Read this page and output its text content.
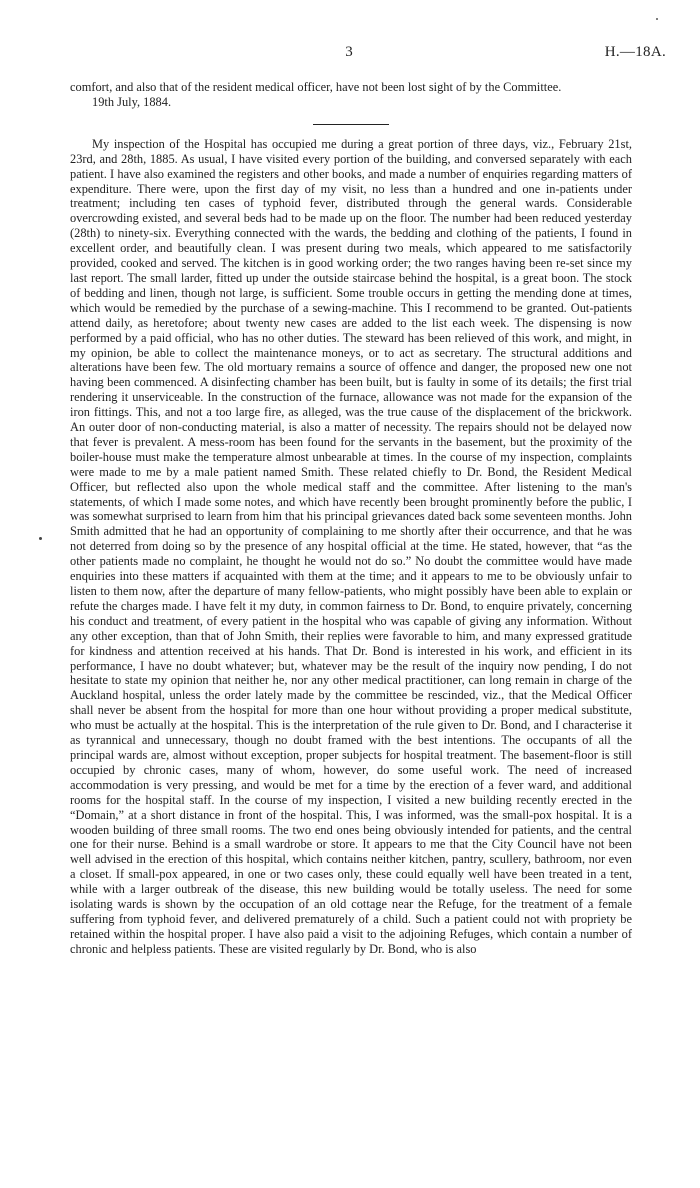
3	H.—18A.

comfort, and also that of the resident medical officer, have not been lost sight of by the Committee.

19th July, 1884.

My inspection of the Hospital has occupied me during a great portion of three days, viz., February 21st, 23rd, and 28th, 1885. As usual, I have visited every portion of the building, and conversed separately with each patient. I have also examined the registers and other books, and made a number of enquiries regarding matters of expenditure. There were, upon the first day of my visit, no less than a hundred and one in-patients under treatment; including ten cases of typhoid fever, distributed through the general wards. Considerable overcrowding existed, and several beds had to be made up on the floor. The number had been reduced yesterday (28th) to ninety-six. Everything connected with the wards, the bedding and clothing of the patients, I found in excellent order, and beautifully clean. I was present during two meals, which appeared to me satisfactorily provided, cooked and served. The kitchen is in good working order; the two ranges having been re-set since my last report. The small larder, fitted up under the outside staircase behind the hospital, is a great boon. The stock of bedding and linen, though not large, is sufficient. Some trouble occurs in getting the mending done at times, which would be remedied by the purchase of a sewing-machine. This I recommend to be granted. Out-patients attend daily, as heretofore; about twenty new cases are added to the list each week. The dispensing is now performed by a paid official, who has no other duties. The steward has been relieved of this work, and might, in my opinion, be able to collect the maintenance moneys, or to act as secretary. The structural additions and alterations have been few. The old mortuary remains a source of offence and danger, the proposed new one not having been commenced. A disinfecting chamber has been built, but is faulty in some of its details; the first trial rendering it unserviceable. In the construction of the furnace, allowance was not made for the expansion of the iron fittings. This, and not a too large fire, as alleged, was the true cause of the displacement of the brickwork. An outer door of non-conducting material, is also a matter of necessity. The repairs should not be delayed now that fever is prevalent. A mess-room has been found for the servants in the basement, but the proximity of the boiler-house must make the temperature almost unbearable at times. In the course of my inspection, complaints were made to me by a male patient named Smith. These related chiefly to Dr. Bond, the Resident Medical Officer, but reflected also upon the whole medical staff and the committee. After listening to the man's statements, of which I made some notes, and which have recently been brought prominently before the public, I was somewhat surprised to learn from him that his principal grievances dated back some seventeen months. John Smith admitted that he had an opportunity of complaining to me shortly after their occurrence, and that he was not deterred from doing so by the presence of any hospital official at the time. He stated, however, that “as the other patients made no complaint, he thought he would not do so.” No doubt the committee would have made enquiries into these matters if acquainted with them at the time; and it appears to me to be obviously unfair to listen to them now, after the departure of many fellow-patients, who might possibly have been able to explain or refute the charges made. I have felt it my duty, in common fairness to Dr. Bond, to enquire privately, concerning his conduct and treatment, of every patient in the hospital who was capable of giving any information. Without any other exception, than that of John Smith, their replies were favorable to him, and many expressed gratitude for kindness and attention received at his hands. That Dr. Bond is interested in his work, and efficient in its performance, I have no doubt whatever; but, whatever may be the result of the inquiry now pending, I do not hesitate to state my opinion that neither he, nor any other medical practitioner, can long remain in charge of the Auckland hospital, unless the order lately made by the committee be rescinded, viz., that the Medical Officer shall never be absent from the hospital for more than one hour without providing a proper medical substitute, who must be actually at the hospital. This is the interpretation of the rule given to Dr. Bond, and I characterise it as tyrannical and unnecessary, though no doubt framed with the best intentions. The occupants of all the principal wards are, almost without exception, proper subjects for hospital treatment. The basement-floor is still occupied by chronic cases, many of whom, however, do some useful work. The need of increased accommodation is very pressing, and would be met for a time by the erection of a fever ward, and additional rooms for the hospital staff. In the course of my inspection, I visited a new building recently erected in the “Domain,” at a short distance in front of the hospital. This, I was informed, was the small-pox hospital. It is a wooden building of three small rooms. The two end ones being obviously intended for patients, and the central one for their nurse. Behind is a small wardrobe or store. It appears to me that the City Council have not been well advised in the erection of this hospital, which contains neither kitchen, pantry, scullery, bathroom, nor even a closet. If small-pox appeared, in one or two cases only, these could equally well have been treated in a tent, while with a larger outbreak of the disease, this new building would be totally useless. The need for some isolating wards is shown by the occupation of an old cottage near the Refuge, for the treatment of a female suffering from typhoid fever, and delivered prematurely of a child. Such a patient could not with propriety be retained within the hospital proper. I have also paid a visit to the adjoining Refuges, which contain a number of chronic and helpless patients. These are visited regularly by Dr. Bond, who is also
